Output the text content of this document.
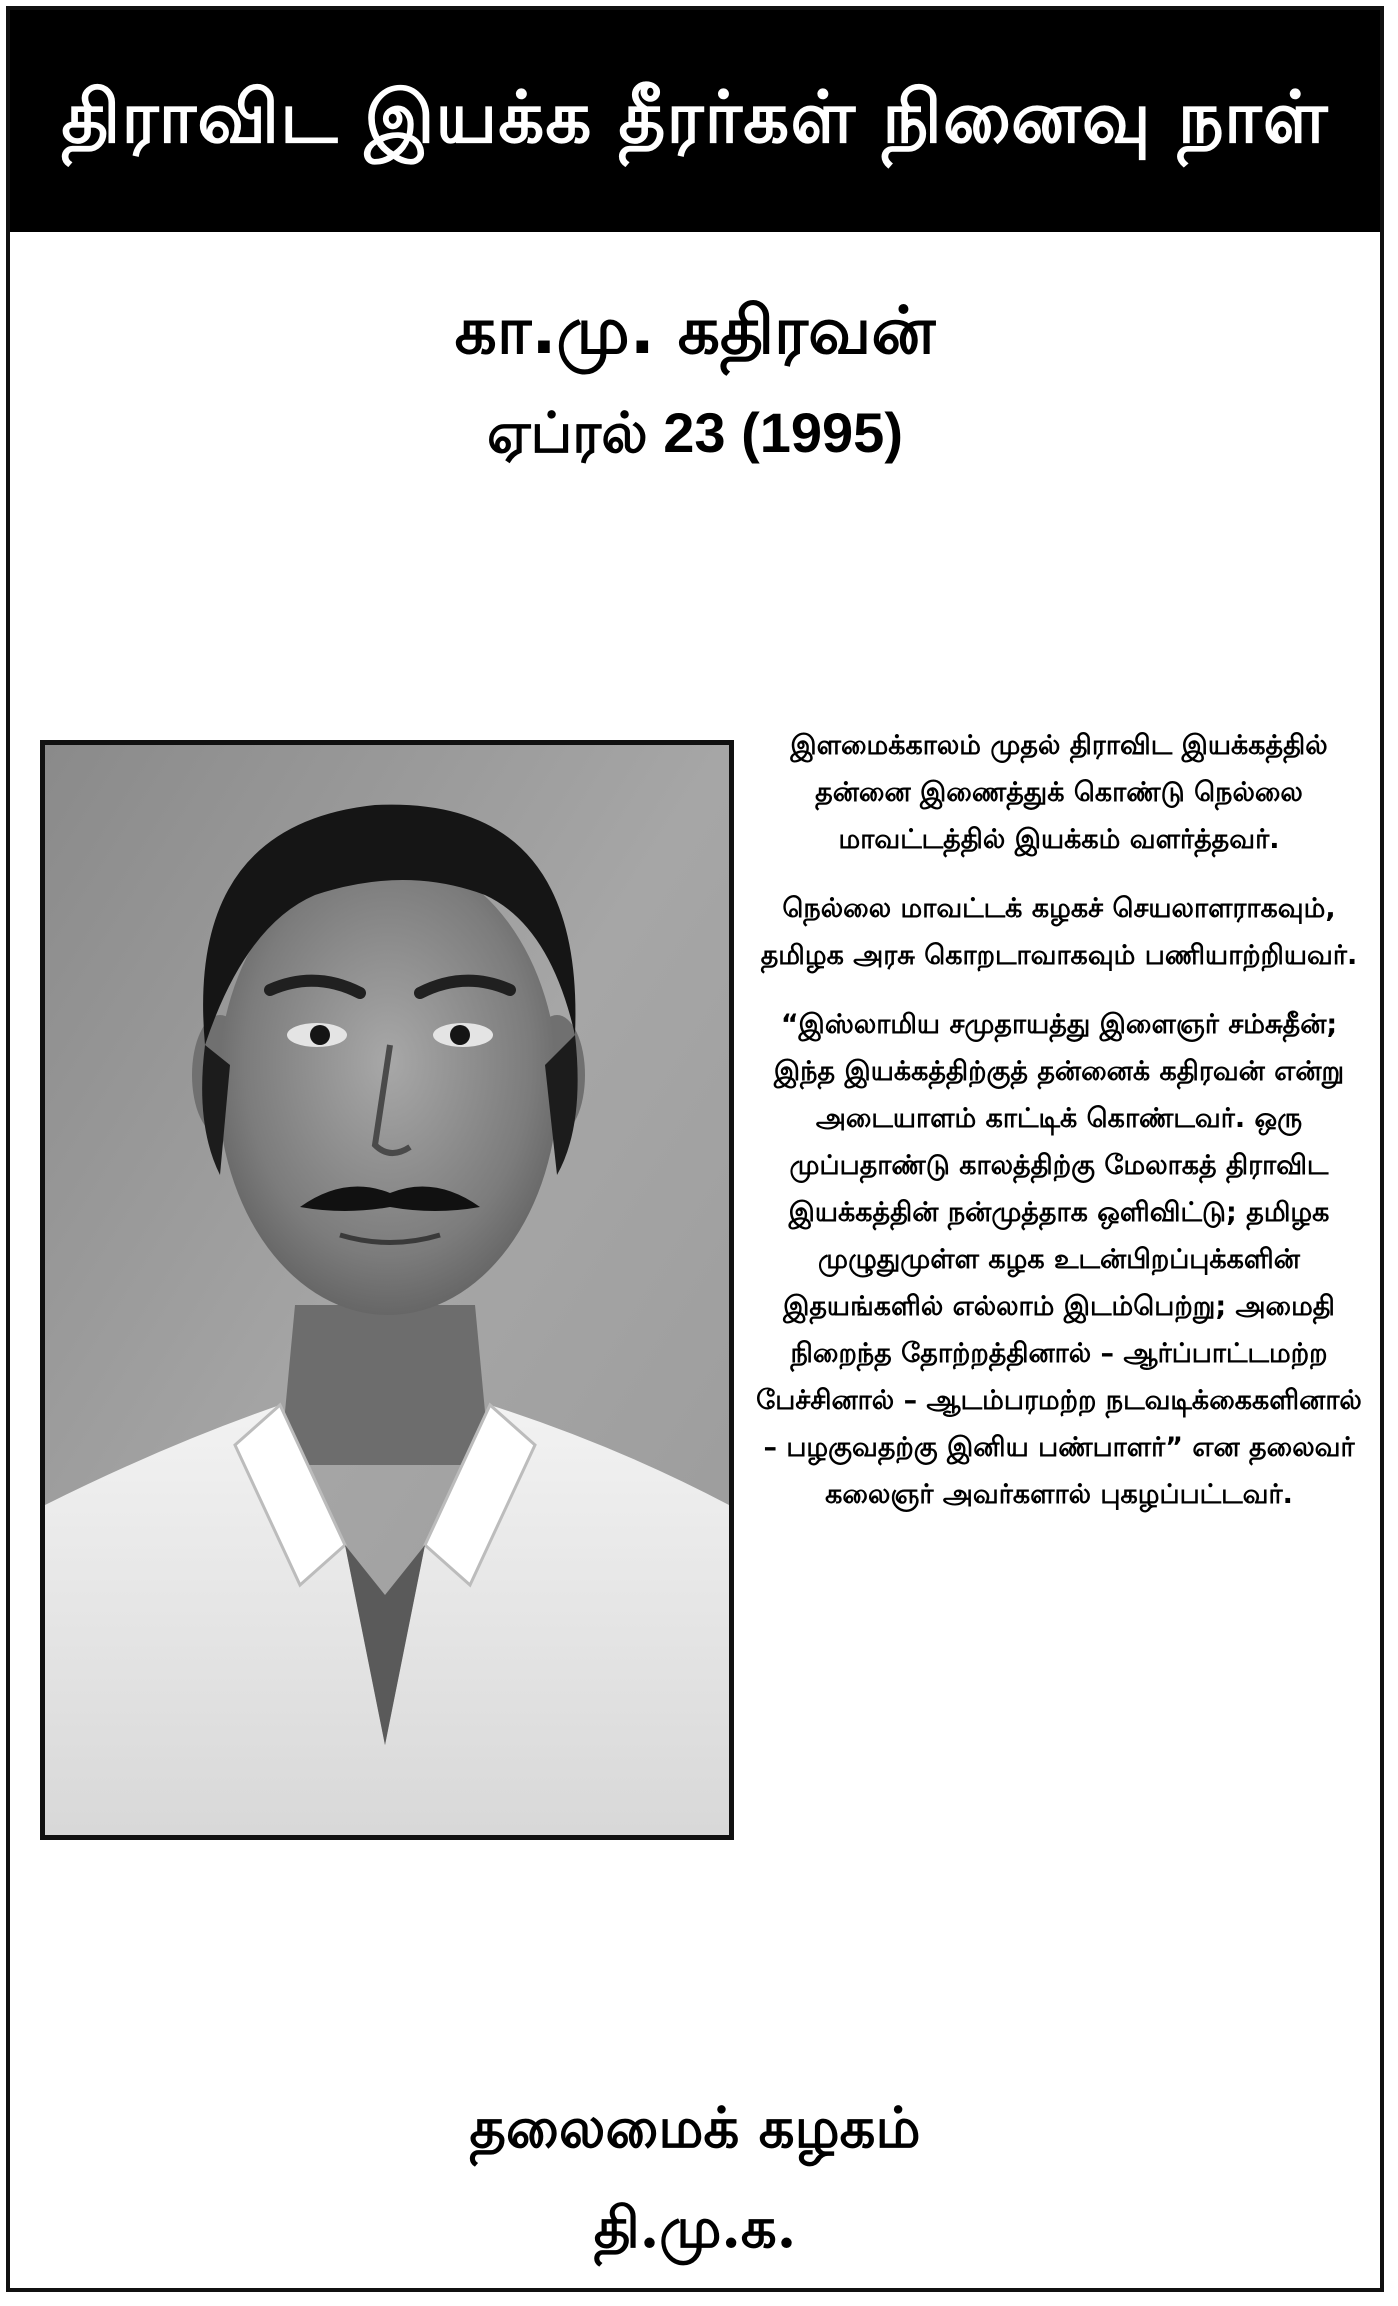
திராவிட இயக்க தீரர்கள் நினைவு நாள்
கா.மு. கதிரவன்
ஏப்ரல் 23 (1995)

இளமைக்காலம் முதல் திராவிட இயக்கத்தில் தன்னை இணைத்துக் கொண்டு நெல்லை மாவட்டத்தில் இயக்கம் வளர்த்தவர்.

நெல்லை மாவட்டக் கழகச் செயலாளராகவும், தமிழக அரசு கொறடாவாகவும் பணியாற்றியவர்.

“இஸ்லாமிய சமுதாயத்து இளைஞர் சம்சுதீன்; இந்த இயக்கத்திற்குத் தன்னைக் கதிரவன் என்று அடையாளம் காட்டிக் கொண்டவர். ஒரு முப்பதாண்டு காலத்திற்கு மேலாகத் திராவிட இயக்கத்தின் நன்முத்தாக ஒளிவிட்டு; தமிழக முழுதுமுள்ள கழக உடன்பிறப்புக்களின் இதயங்களில் எல்லாம் இடம்பெற்று; அமைதி நிறைந்த தோற்றத்தினால் – ஆர்ப்பாட்டமற்ற பேச்சினால் – ஆடம்பரமற்ற நடவடிக்கைகளினால் – பழகுவதற்கு இனிய பண்பாளர்” என தலைவர் கலைஞர் அவர்களால் புகழப்பட்டவர்.

தலைமைக் கழகம்
தி.மு.க.
